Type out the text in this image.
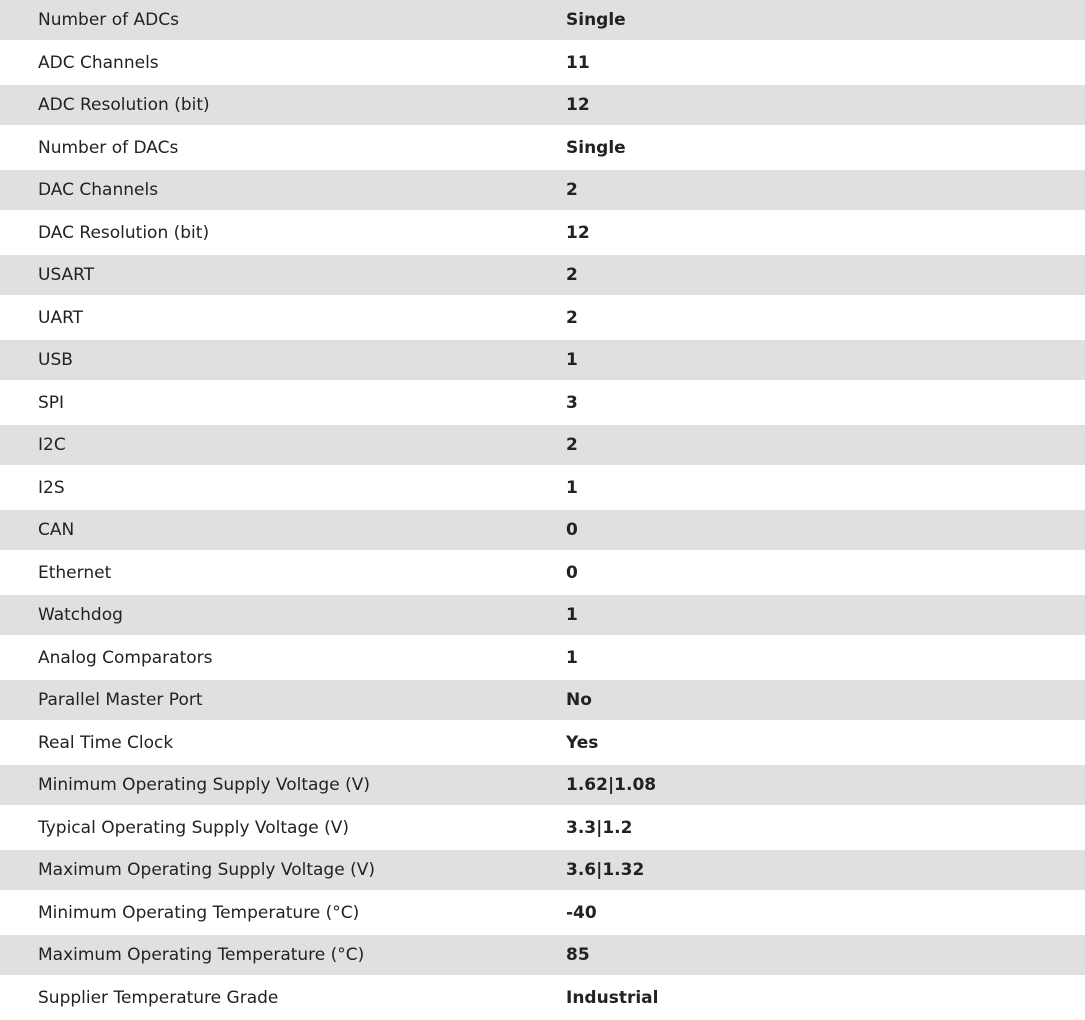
Number of ADCs	Single
ADC Channels	11
ADC Resolution (bit)	12
Number of DACs	Single
DAC Channels	2
DAC Resolution (bit)	12
USART	2
UART	2
USB	1
SPI	3
I2C	2
I2S	1
CAN	0
Ethernet	0
Watchdog	1
Analog Comparators	1
Parallel Master Port	No
Real Time Clock	Yes
Minimum Operating Supply Voltage (V)	1.62|1.08
Typical Operating Supply Voltage (V)	3.3|1.2
Maximum Operating Supply Voltage (V)	3.6|1.32
Minimum Operating Temperature (°C)	-40
Maximum Operating Temperature (°C)	85
Supplier Temperature Grade	Industrial
